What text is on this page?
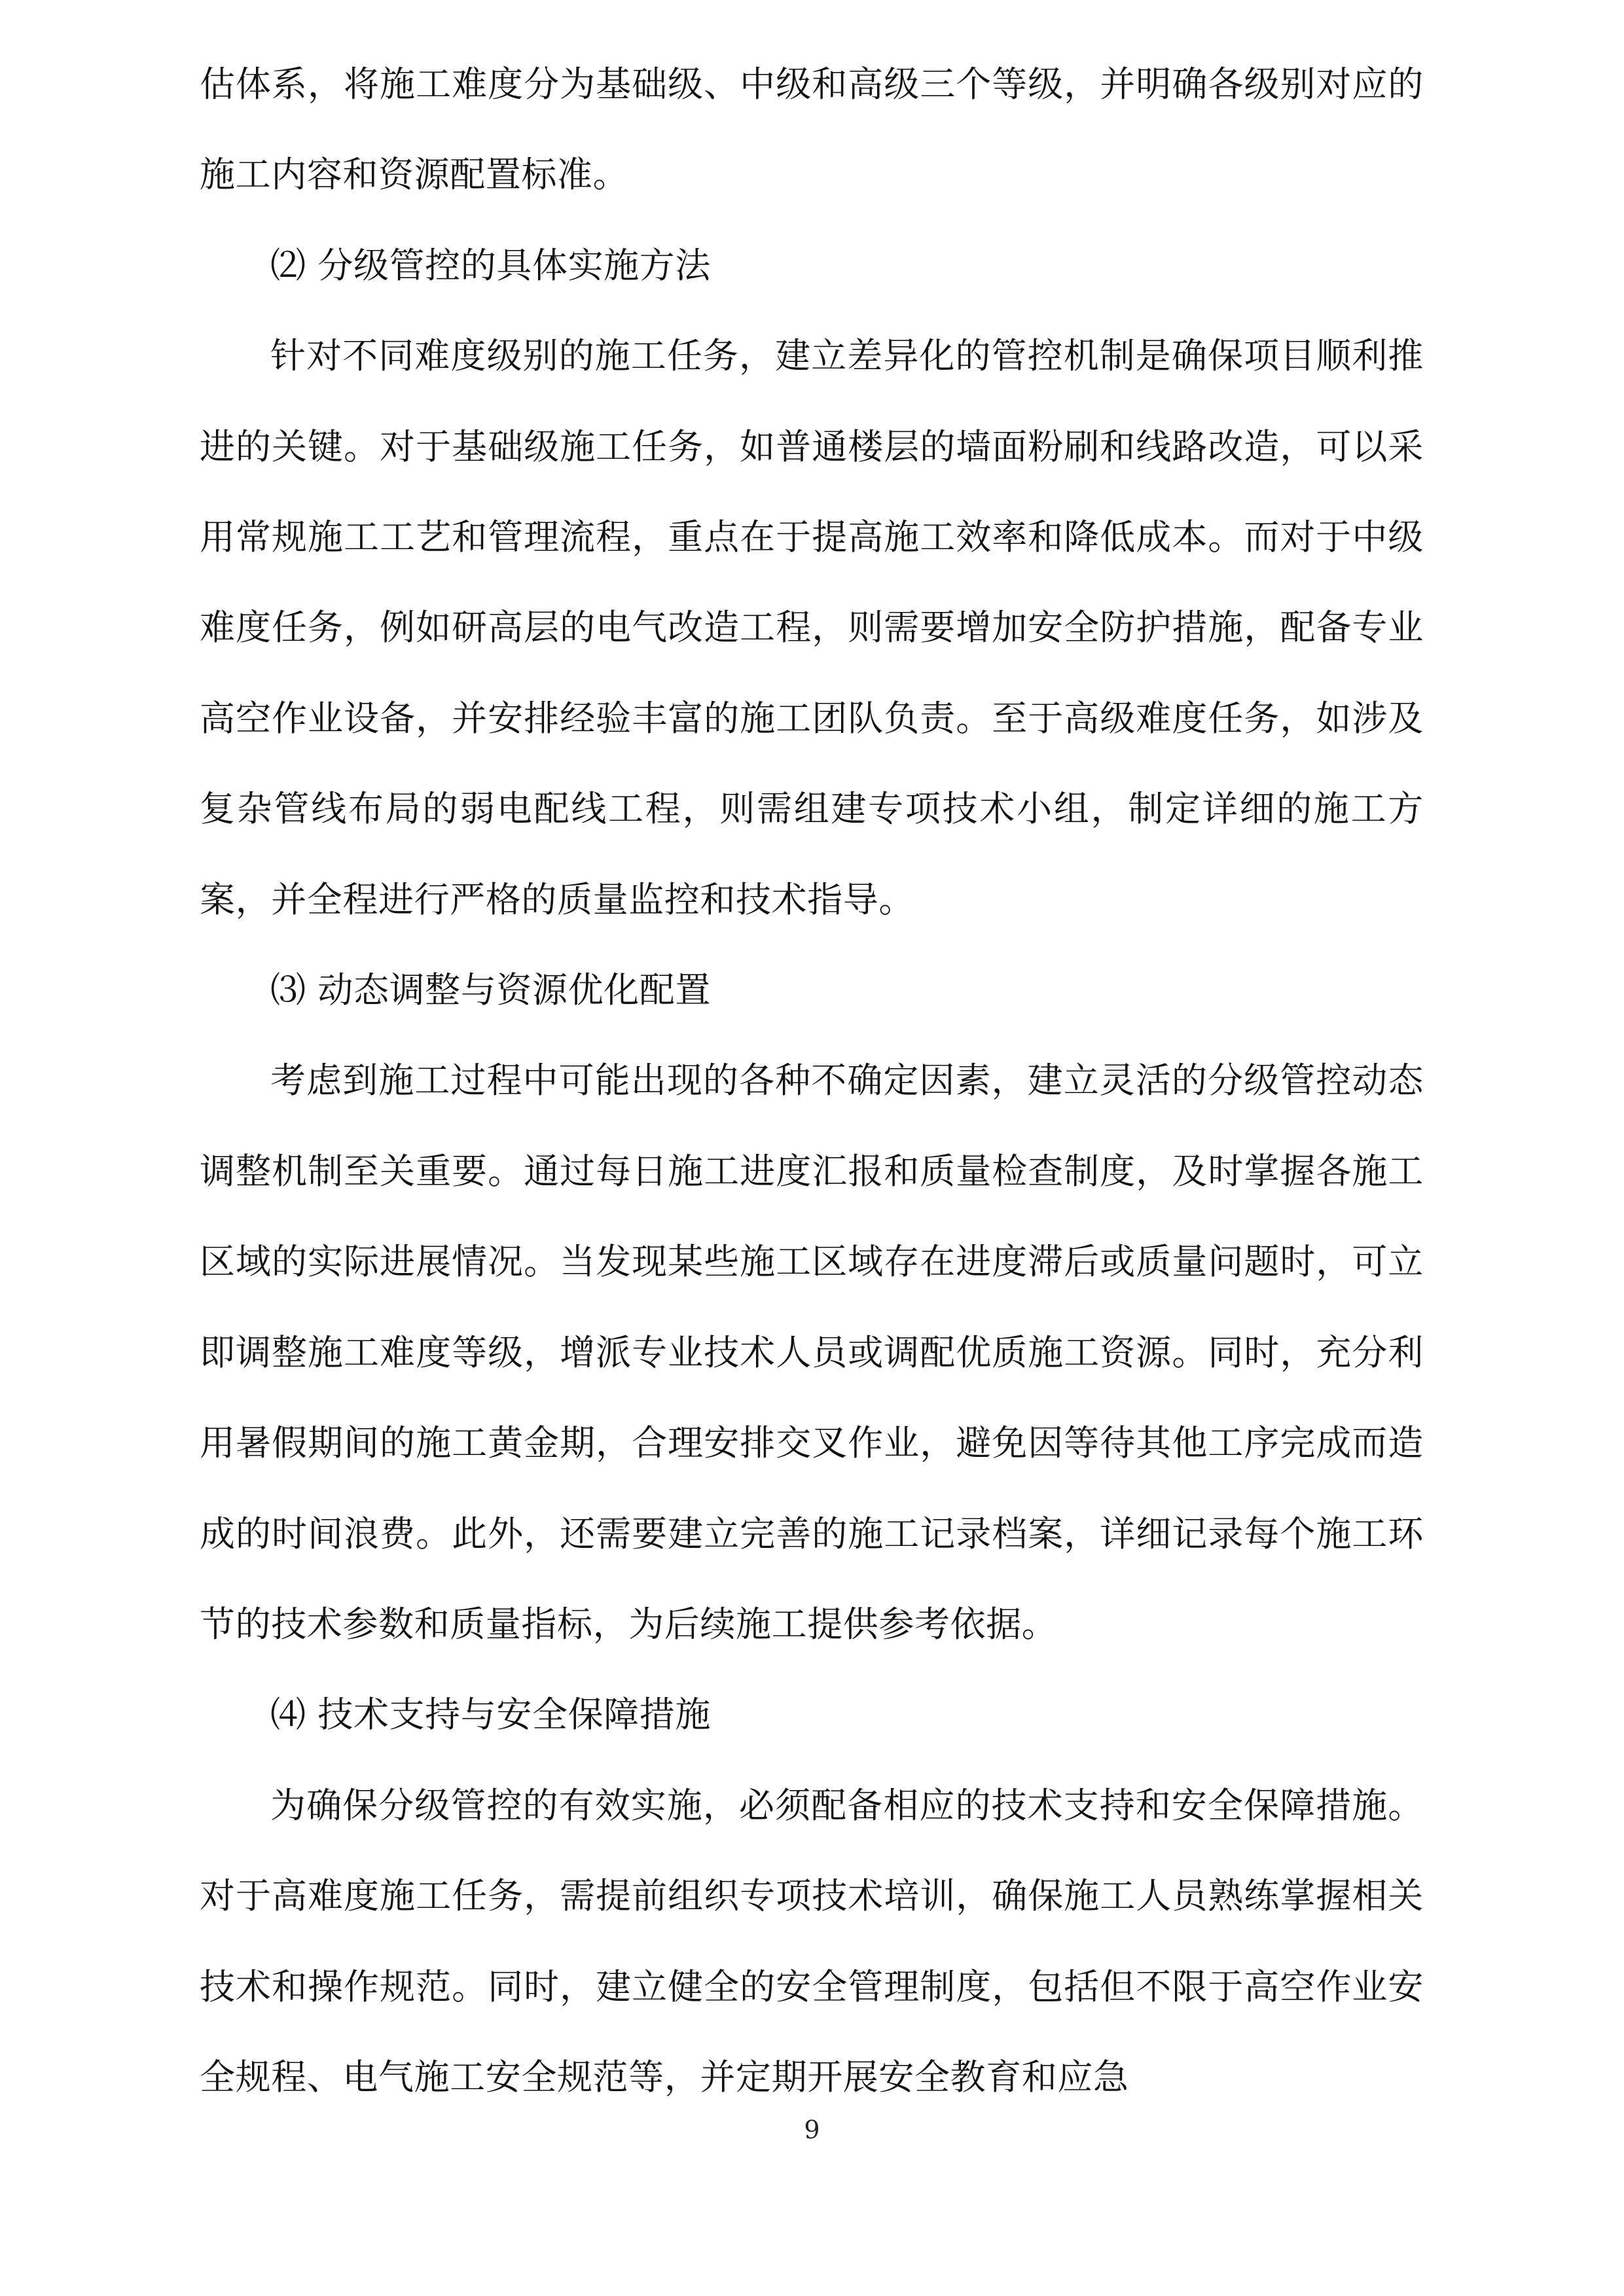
估体系，将施工难度分为基础级、中级和高级三个等级，并明确各级别对应的施工内容和资源配置标准。

⑵ 分级管控的具体实施方法

针对不同难度级别的施工任务，建立差异化的管控机制是确保项目顺利推进的关键。对于基础级施工任务，如普通楼层的墙面粉刷和线路改造，可以采用常规施工工艺和管理流程，重点在于提高施工效率和降低成本。而对于中级难度任务，例如研高层的电气改造工程，则需要增加安全防护措施，配备专业高空作业设备，并安排经验丰富的施工团队负责。至于高级难度任务，如涉及复杂管线布局的弱电配线工程，则需组建专项技术小组，制定详细的施工方案，并全程进行严格的质量监控和技术指导。

⑶ 动态调整与资源优化配置

考虑到施工过程中可能出现的各种不确定因素，建立灵活的分级管控动态调整机制至关重要。通过每日施工进度汇报和质量检查制度，及时掌握各施工区域的实际进展情况。当发现某些施工区域存在进度滞后或质量问题时，可立即调整施工难度等级，增派专业技术人员或调配优质施工资源。同时，充分利用暑假期间的施工黄金期，合理安排交叉作业，避免因等待其他工序完成而造成的时间浪费。此外，还需要建立完善的施工记录档案，详细记录每个施工环节的技术参数和质量指标，为后续施工提供参考依据。

⑷ 技术支持与安全保障措施

为确保分级管控的有效实施，必须配备相应的技术支持和安全保障措施。对于高难度施工任务，需提前组织专项技术培训，确保施工人员熟练掌握相关技术和操作规范。同时，建立健全的安全管理制度，包括但不限于高空作业安全规程、电气施工安全规范等，并定期开展安全教育和应急

9
